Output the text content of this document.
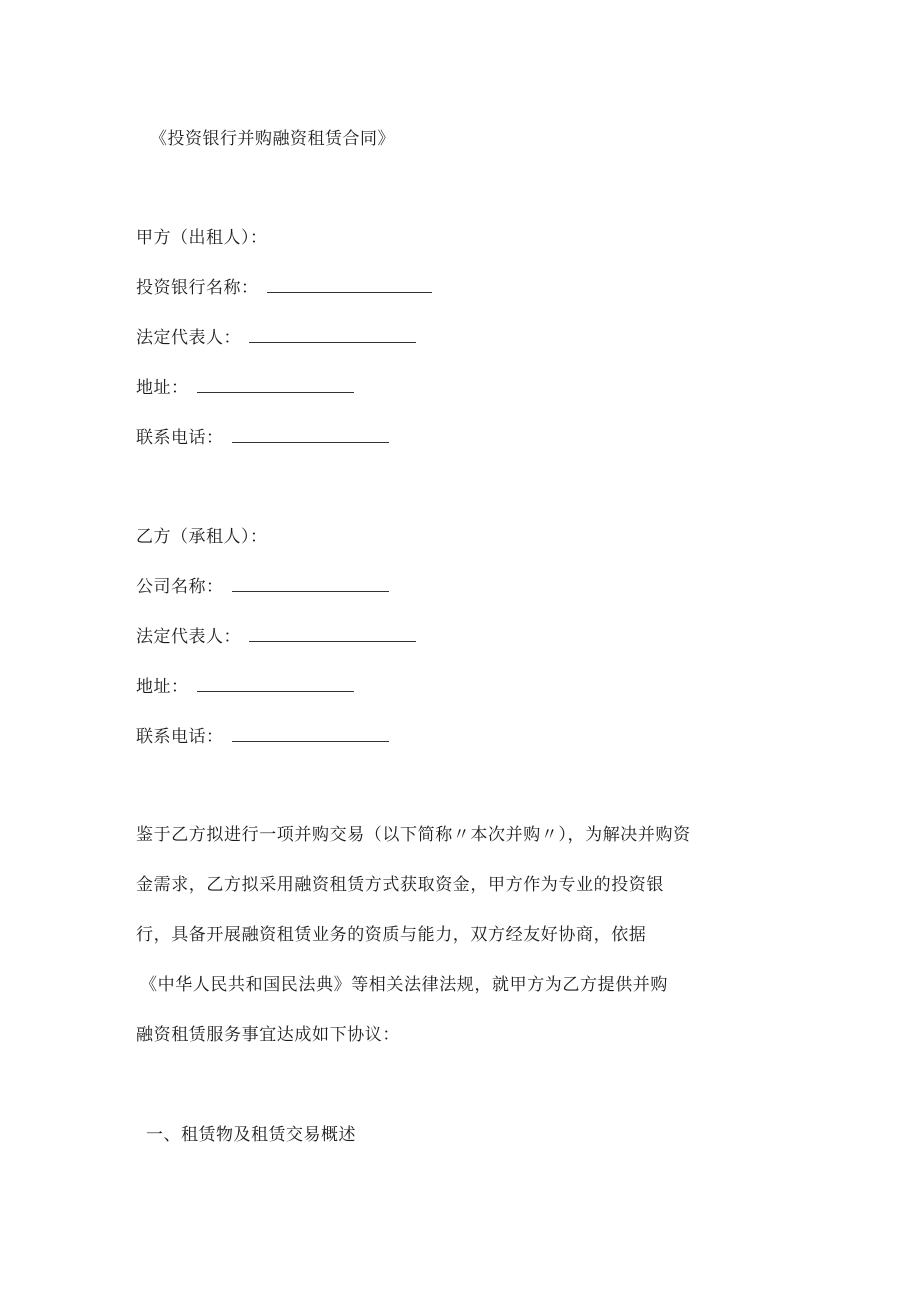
《投资银行并购融资租赁合同》
甲方（出租人）：
投资银行名称：
法定代表人：
地址：
联系电话：
乙方（承租人）：
公司名称：
法定代表人：
地址：
联系电话：
鉴于乙方拟进行一项并购交易（以下简称〃本次并购〃），为解决并购资
金需求，乙方拟采用融资租赁方式获取资金，甲方作为专业的投资银
行，具备开展融资租赁业务的资质与能力，双方经友好协商，依据
《中华人民共和国民法典》等相关法律法规，就甲方为乙方提供并购
融资租赁服务事宜达成如下协议：
一、租赁物及租赁交易概述
